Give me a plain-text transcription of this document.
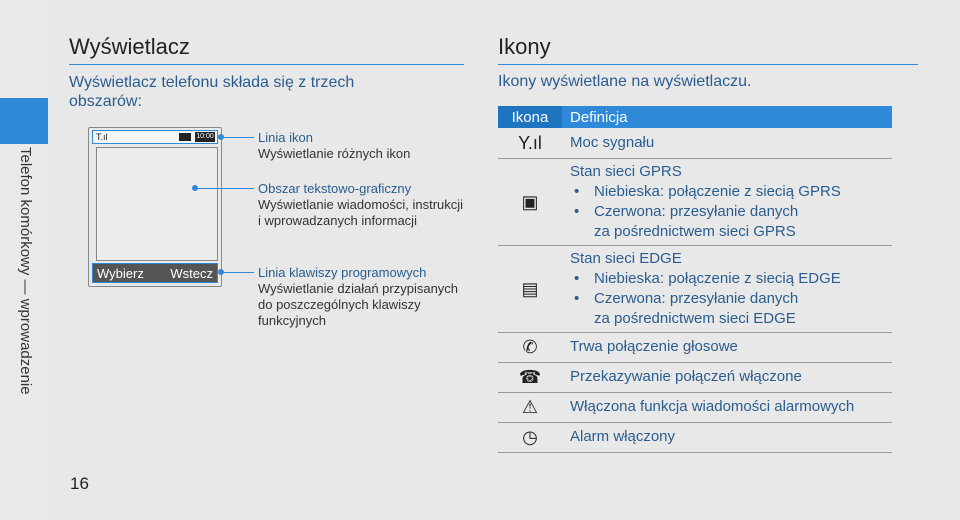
Telefon komórkowy — wprowadzenie
Wyświetlacz
Wyświetlacz telefonu składa się z trzech obszarów:
T.ıl	10:00
Wybierz Wstecz
Linia ikon
Wyświetlanie różnych ikon
Obszar tekstowo-graficzny
Wyświetlanie wiadomości, instrukcji i wprowadzanych informacji
Linia klawiszy programowych
Wyświetlanie działań przypisanych do poszczególnych klawiszy funkcyjnych
16
Ikony
Ikony wyświetlane na wyświetlaczu.
Ikona	Definicja
Y.ıl	Moc sygnału
▣	Stan sieci GPRS
• Niebieska: połączenie z siecią GPRS
• Czerwona: przesyłanie danych
za pośrednictwem sieci GPRS

▤	Stan sieci EDGE
• Niebieska: połączenie z siecią EDGE
• Czerwona: przesyłanie danych
za pośrednictwem sieci EDGE

✆	Trwa połączenie głosowe
☎	Przekazywanie połączeń włączone
⚠	Włączona funkcja wiadomości alarmowych
◷	Alarm włączony
